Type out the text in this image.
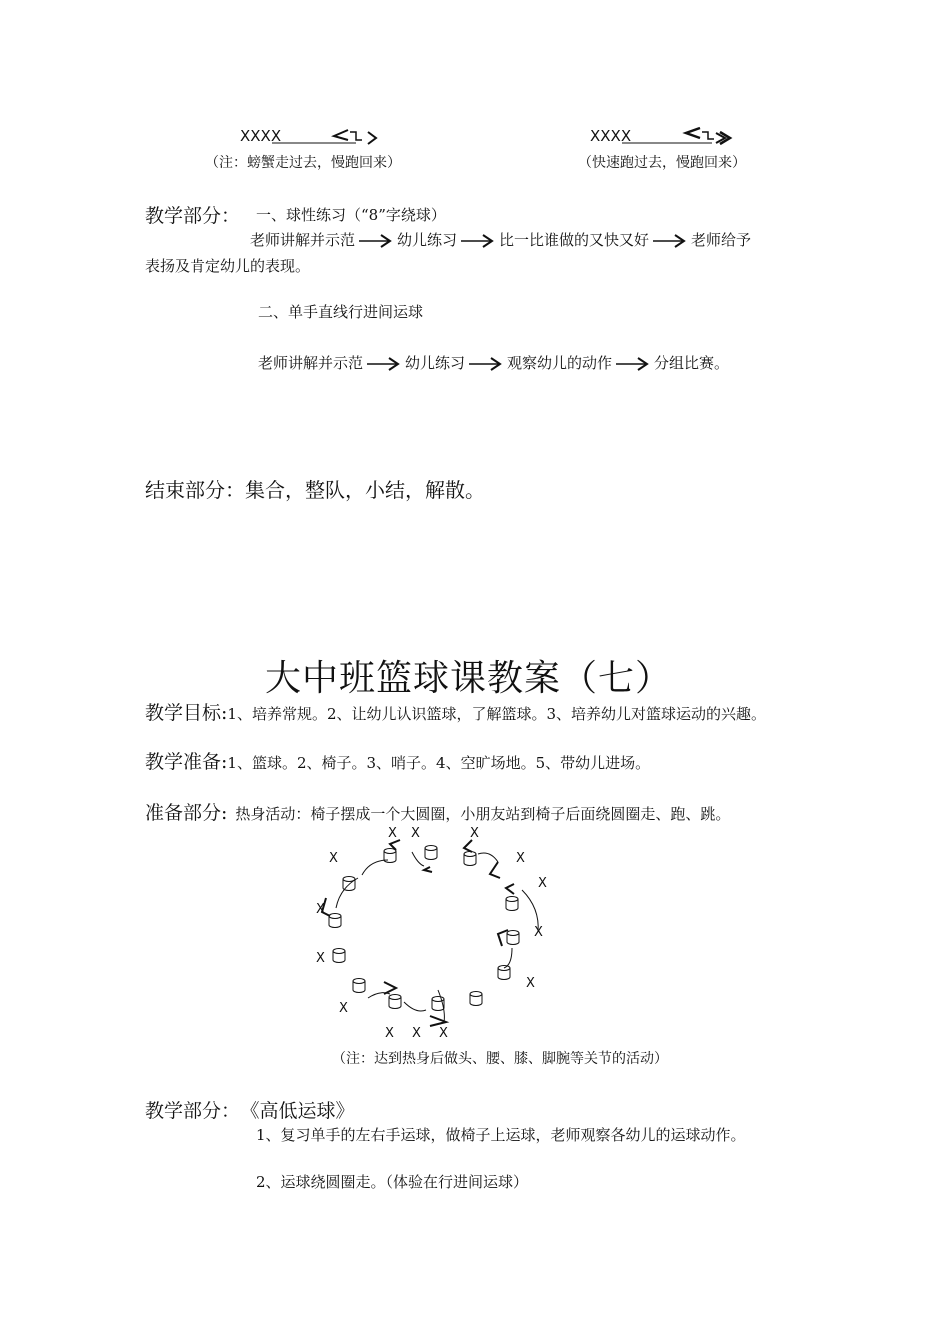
XXXX
（注：螃蟹走过去，慢跑回来）
XXXX
（快速跑过去，慢跑回来）
教学部分： 一、球性练习（“8”字绕球）
老师讲解并示范	幼儿练习	比一比谁做的又快又好	老师给予
表扬及肯定幼儿的表现。
二、单手直线行进间运球
老师讲解并示范	幼儿练习	观察幼儿的动作	分组比赛。
结束部分：集合，整队，小结，解散。
大中班篮球课教案（七）
教学目标:1、培养常规。2、让幼儿认识篮球，了解篮球。3、培养幼儿对篮球运动的兴趣。
教学准备:1、篮球。2、椅子。3、哨子。4、空旷场地。5、带幼儿进场。
准备部分: 热身活动：椅子摆成一个大圆圈，小朋友站到椅子后面绕圆圈走、跑、跳。
X X	X
X	X
X
X
X
X
X
X
X X X
（注：达到热身后做头、腰、膝、脚腕等关节的活动）
教学部分： 《高低运球》
1、复习单手的左右手运球，做椅子上运球，老师观察各幼儿的运球动作。
2、运球绕圆圈走。（体验在行进间运球）
